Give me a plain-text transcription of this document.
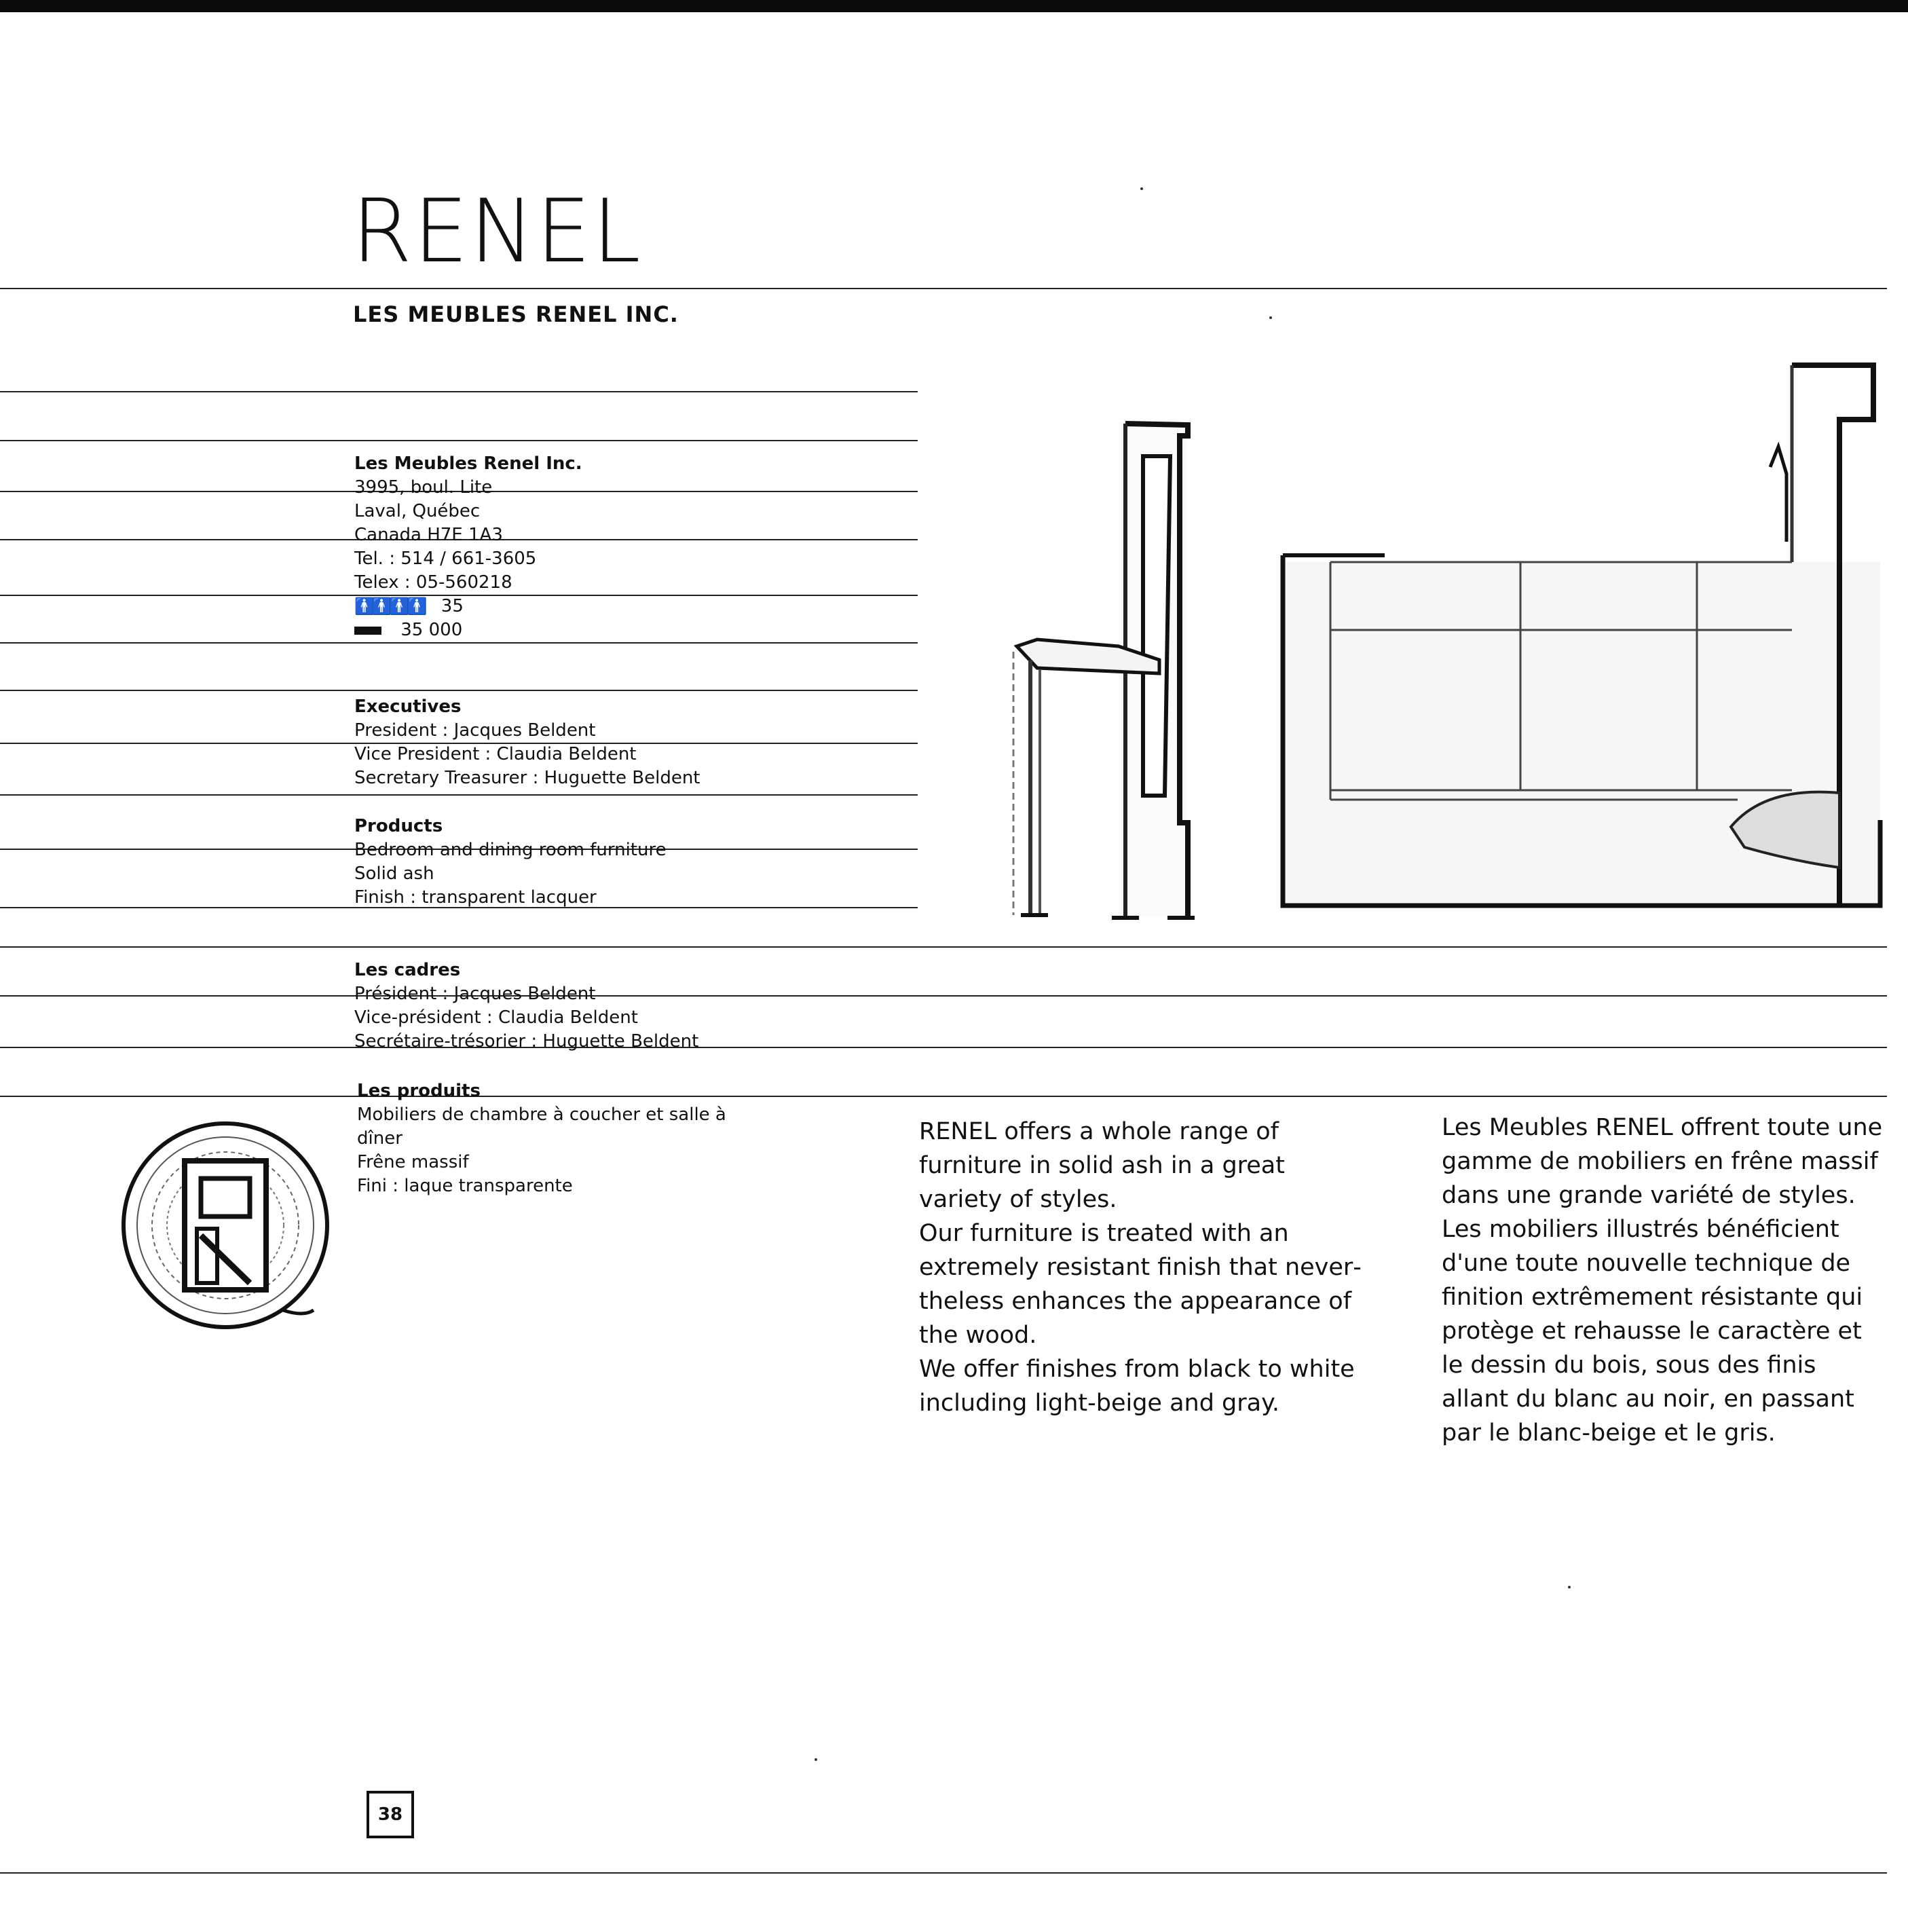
RENEL
LES MEUBLES RENEL INC.
Les Meubles Renel Inc.
3995, boul. Lite
Laval, Québec
Canada H7E 1A3
Tel. : 514 / 661-3605
Telex : 05-560218
🚹🚹🚹🚹 35
35 000
Executives
President : Jacques Beldent
Vice President : Claudia Beldent
Secretary Treasurer : Huguette Beldent
Products
Bedroom and dining room furniture
Solid ash
Finish : transparent lacquer
Les cadres
Président : Jacques Beldent
Vice-président : Claudia Beldent
Secrétaire-trésorier : Huguette Beldent
Les produits
Mobiliers de chambre à coucher et salle à
dîner
Frêne massif
Fini : laque transparente

RENEL offers a whole range of furniture in solid ash in a great variety of styles.

Our furniture is treated with an extremely resistant finish that nevertheless enhances the appearance of the wood.

We offer finishes from black to white including light-beige and gray.

Les Meubles RENEL offrent toute une gamme de mobiliers en frêne massif dans une grande variété de styles. Les mobiliers illustrés bénéficient d'une toute nouvelle technique de finition extrêmement résistante qui protège et rehausse le caractère et le dessin du bois, sous des finis allant du blanc au noir, en passant par le blanc-beige et le gris.

38
